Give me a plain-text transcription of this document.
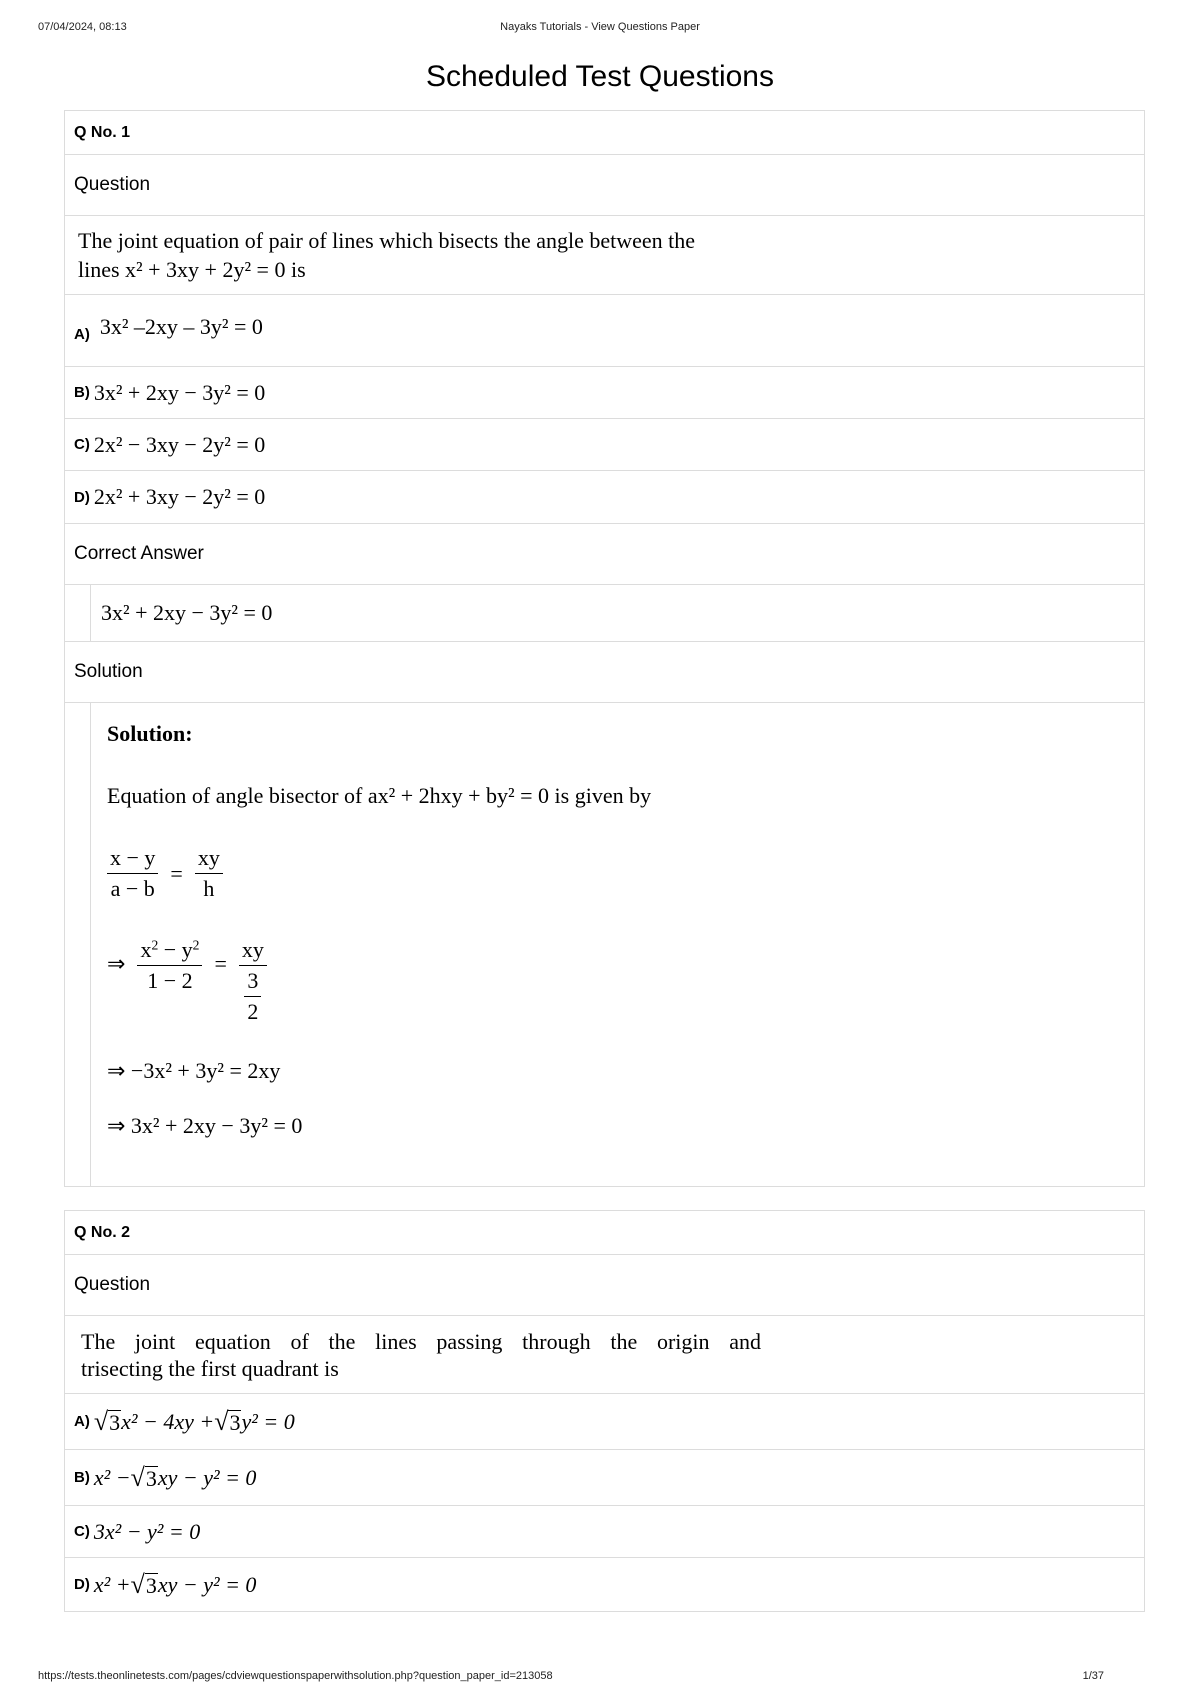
07/04/2024, 08:13	Nayaks Tutorials - View Questions Paper
Scheduled Test Questions
Q No. 1
Question
The joint equation of pair of lines which bisects the angle between the
lines x² + 3xy + 2y² = 0 is
A) 3x² –2xy – 3y² = 0
B) 3x² + 2xy − 3y² = 0
C) 2x² − 3xy − 2y² = 0
D) 2x² + 3xy − 2y² = 0
Correct Answer
3x² + 2xy − 3y² = 0
Solution
Solution:
Equation of angle bisector of ax² + 2hxy + by² = 0 is given by
$\frac{x - y}{a - b} = \frac{xy}{h}$
⇒ $\frac{x^2 - y^2}{1 - 2}$ = xy
3
2
⇒ −3x² + 3y² = 2xy
⇒ 3x² + 2xy − 3y² = 0
Q No. 2
Question
The joint equation of the lines passing through the origin and
trisecting the first quadrant is
A) √ 3 x² − 4xy + √ 3 y² = 0
B) x² − √ 3 xy − y² = 0
C) 3x² − y² = 0
D) x² + √ 3 xy − y² = 0
https://tests.theonlinetests.com/pages/cdviewquestionspaperwithsolution.php?question_paper_id=213058	1/37
